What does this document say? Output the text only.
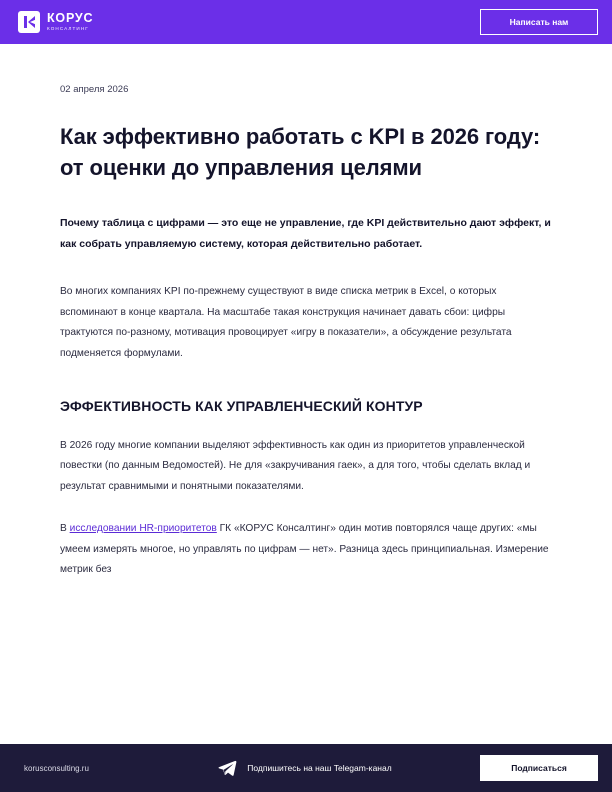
КОРУС
КОНСАЛТИНГ
Написать нам
02 апреля 2026
Как эффективно работать с KPI в 2026 году: от оценки до управления целями

Почему таблица с цифрами — это еще не управление, где KPI действительно дают эффект, и как собрать управляемую систему, которая действительно работает.

Во многих компаниях KPI по-прежнему существуют в виде списка метрик в Excel, о которых вспоминают в конце квартала. На масштабе такая конструкция начинает давать сбои: цифры трактуются по-разному, мотивация провоцирует «игру в показатели», а обсуждение результата подменяется формулами.

ЭФФЕКТИВНОСТЬ КАК УПРАВЛЕНЧЕСКИЙ КОНТУР

В 2026 году многие компании выделяют эффективность как один из приоритетов управленческой повестки (по данным Ведомостей). Не для «закручивания гаек», а для того, чтобы сделать вклад и результат сравнимыми и понятными показателями.

В исследовании HR-приоритетов ГК «КОРУС Консалтинг» один мотив повторялся чаще других: «мы умеем измерять многое, но управлять по цифрам — нет». Разница здесь принципиальная. Измерение метрик без

korusconsulting.ru	Подпишитесь на наш Telegam-канал	Подписаться
